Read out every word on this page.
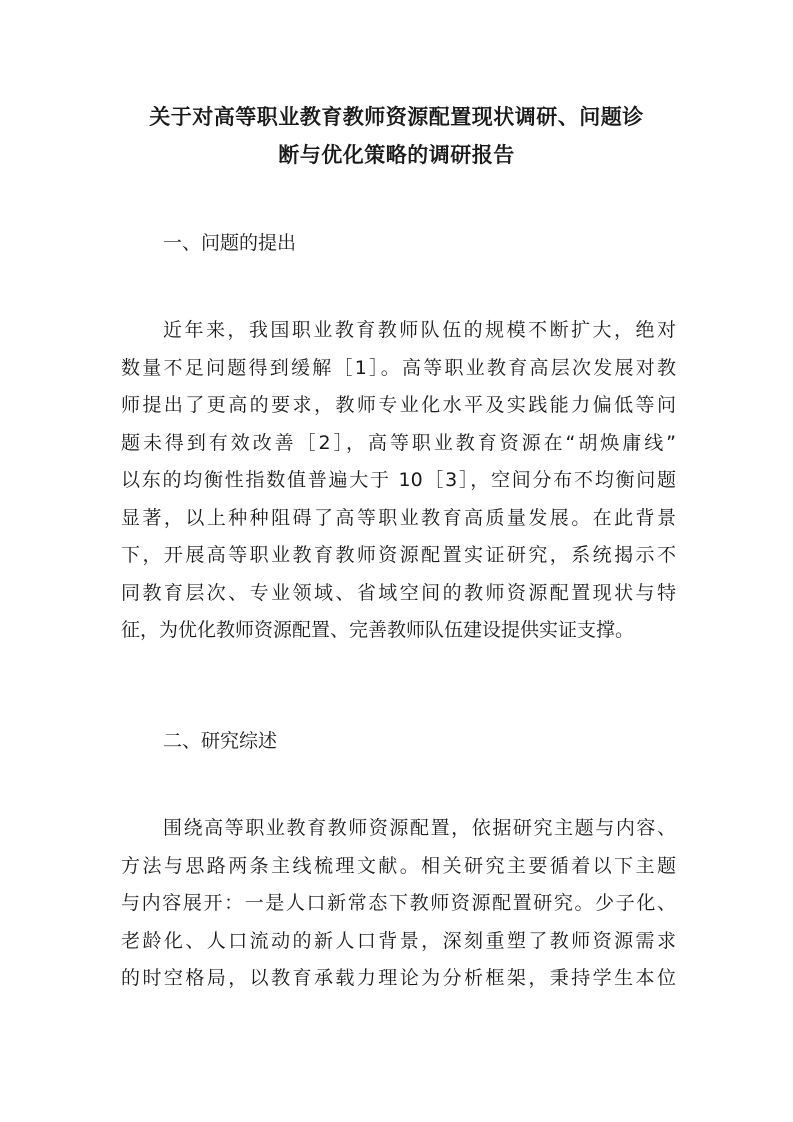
关于对高等职业教育教师资源配置现状调研、问题诊
断与优化策略的调研报告
一、问题的提出
近年来，我国职业教育教师队伍的规模不断扩大，绝对
数量不足问题得到缓解［1］。高等职业教育高层次发展对教
师提出了更高的要求，教师专业化水平及实践能力偏低等问
题未得到有效改善［2］，高等职业教育资源在“胡焕庸线”
以东的均衡性指数值普遍大于 10［3］，空间分布不均衡问题
显著，以上种种阻碍了高等职业教育高质量发展。在此背景
下，开展高等职业教育教师资源配置实证研究，系统揭示不
同教育层次、专业领域、省域空间的教师资源配置现状与特
征，为优化教师资源配置、完善教师队伍建设提供实证支撑。
二、研究综述
围绕高等职业教育教师资源配置，依据研究主题与内容、
方法与思路两条主线梳理文献。相关研究主要循着以下主题
与内容展开：一是人口新常态下教师资源配置研究。少子化、
老龄化、人口流动的新人口背景，深刻重塑了教师资源需求
的时空格局，以教育承载力理论为分析框架，秉持学生本位
